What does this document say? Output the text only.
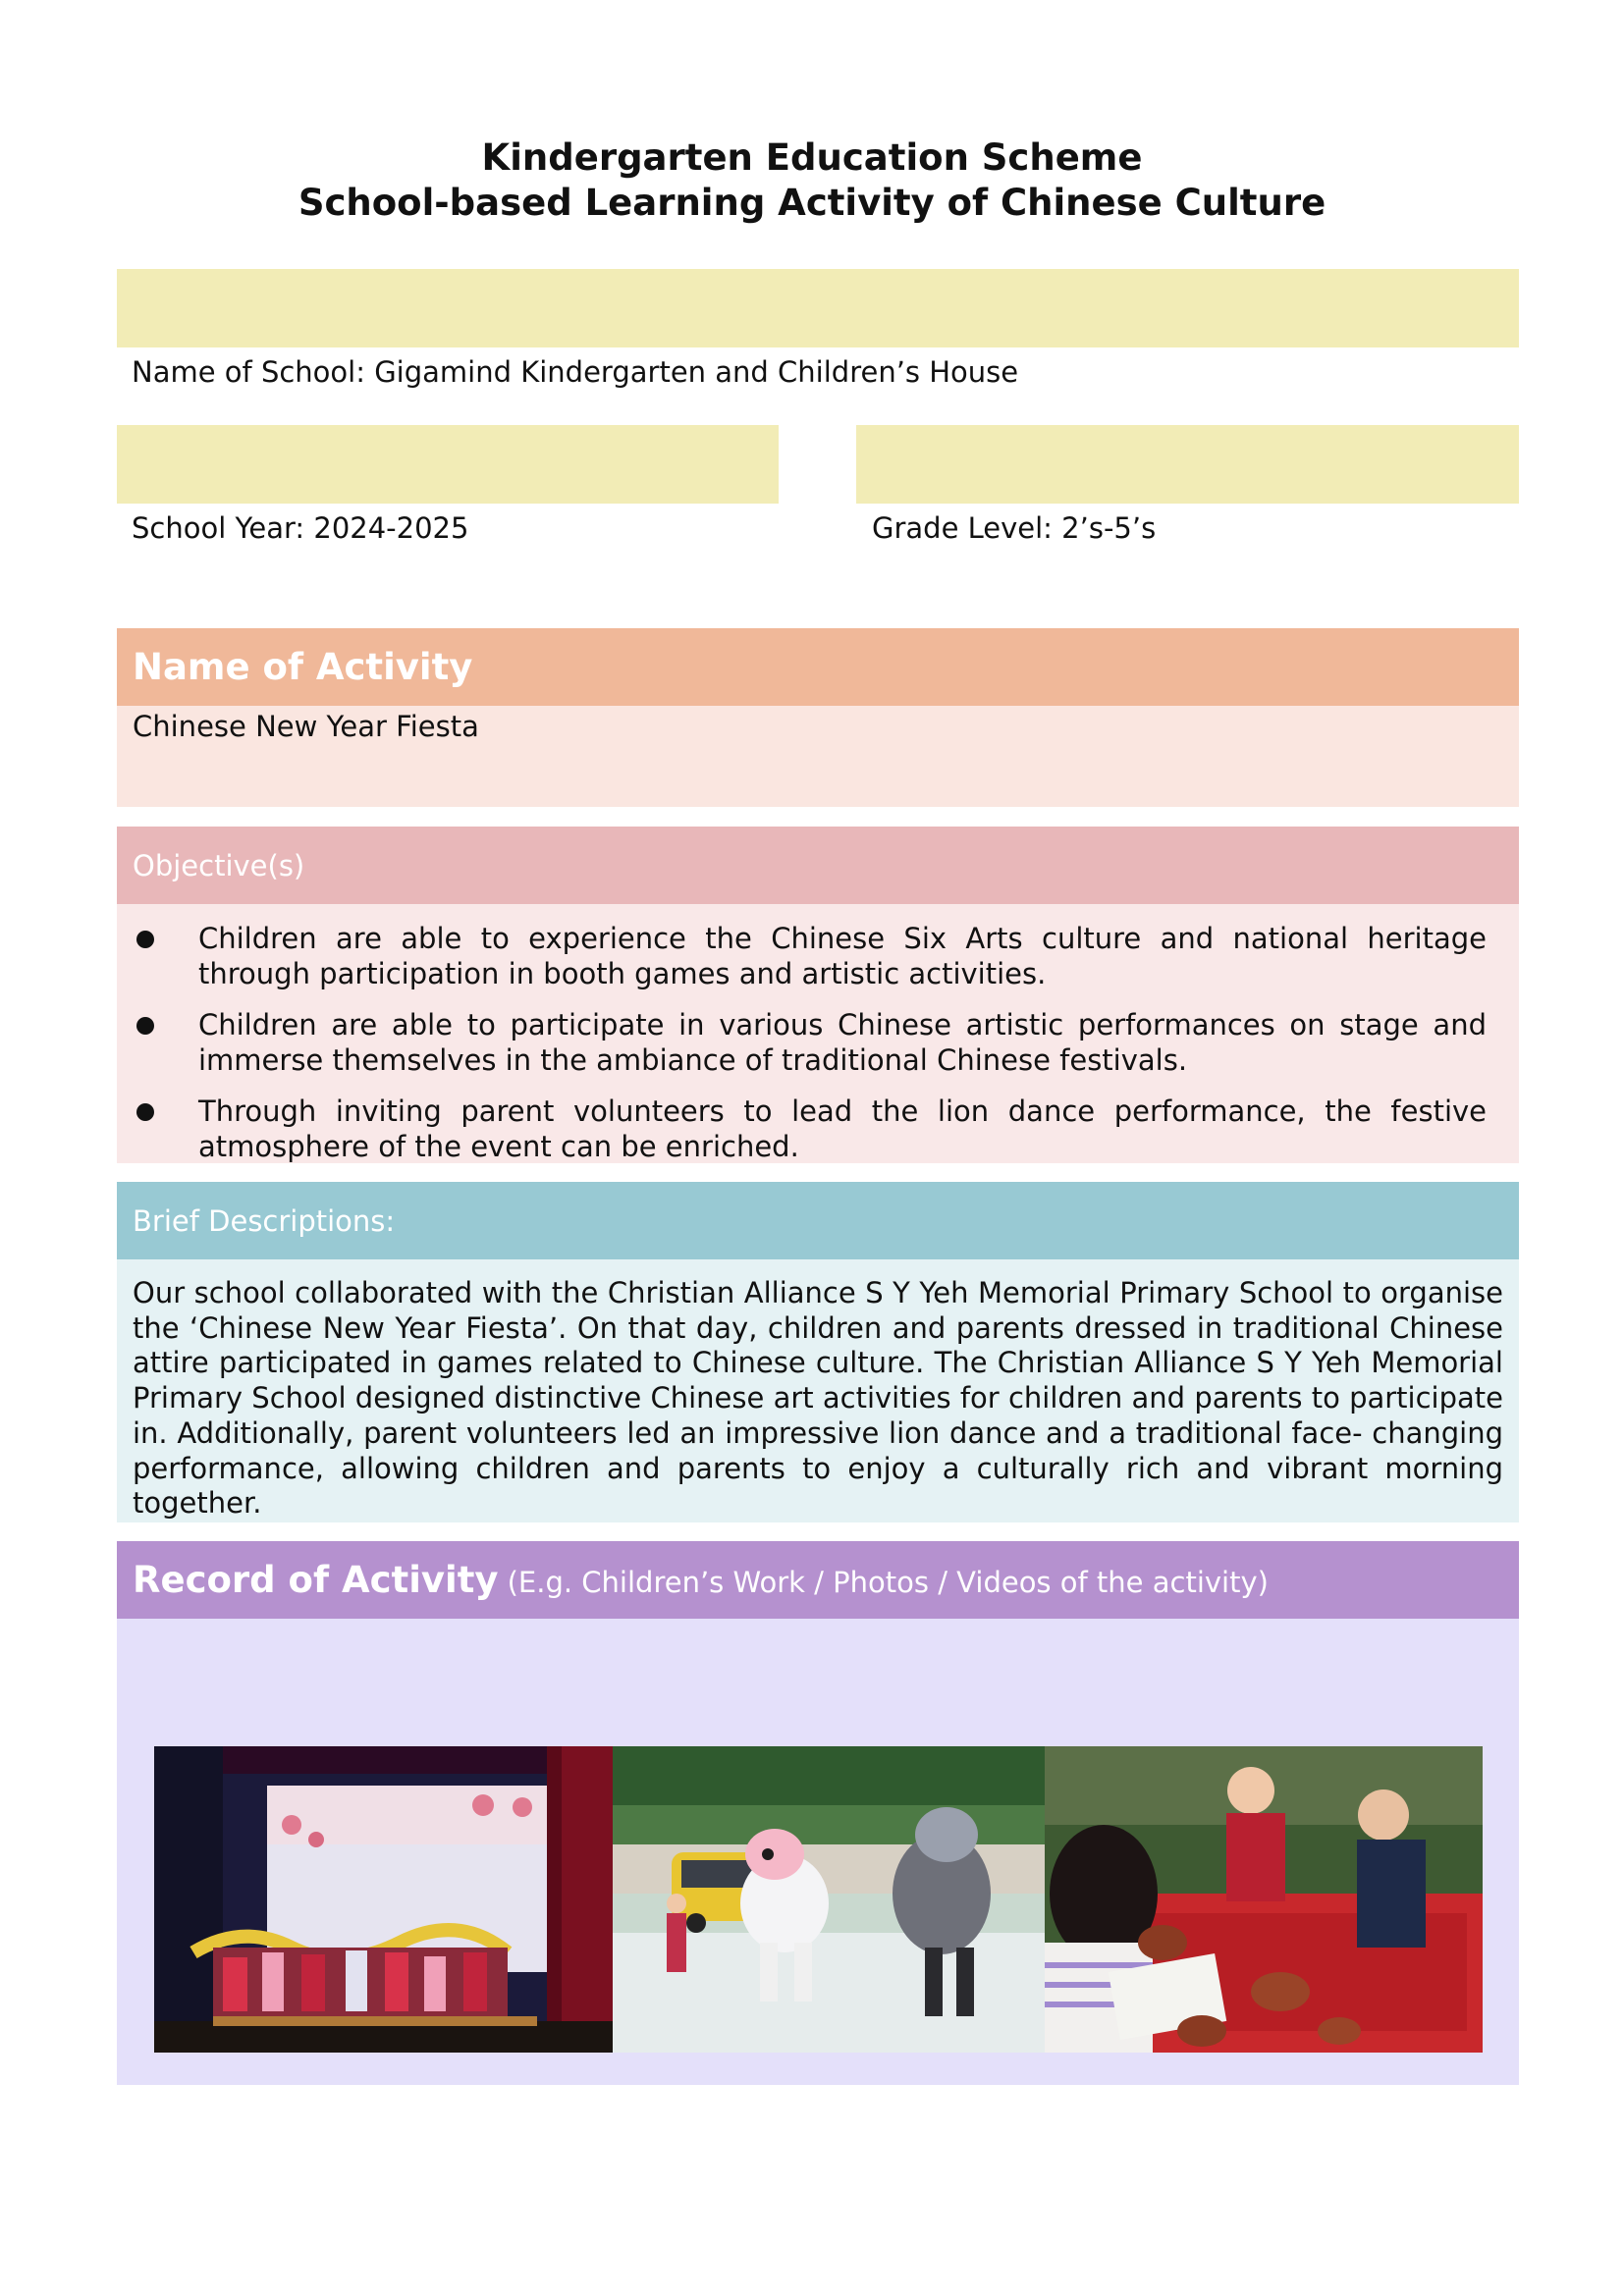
Kindergarten Education Scheme
School-based Learning Activity of Chinese Culture
Name of School: Gigamind Kindergarten and Children’s House
School Year: 2024-2025	Grade Level: 2’s-5’s
Name of Activity
Chinese New Year Fiesta
Objective(s)
Children are able to experience the Chinese Six Arts culture and national heritage through participation in booth games and artistic activities.
Children are able to participate in various Chinese artistic performances on stage and immerse themselves in the ambiance of traditional Chinese festivals.
Through inviting parent volunteers to lead the lion dance performance, the festive atmosphere of the event can be enriched.
Brief Descriptions:
Our school collaborated with the Christian Alliance S Y Yeh Memorial Primary School to organise the ‘Chinese New Year Fiesta’. On that day, children and parents dressed in traditional Chinese attire participated in games related to Chinese culture. The Christian Alliance S Y Yeh Memorial Primary School designed distinctive Chinese art activities for children and parents to participate in. Additionally, parent volunteers led an impressive lion dance and a traditional face- changing performance, allowing children and parents to enjoy a culturally rich and vibrant morning together.
Record of Activity (E.g. Children’s Work / Photos / Videos of the activity)
